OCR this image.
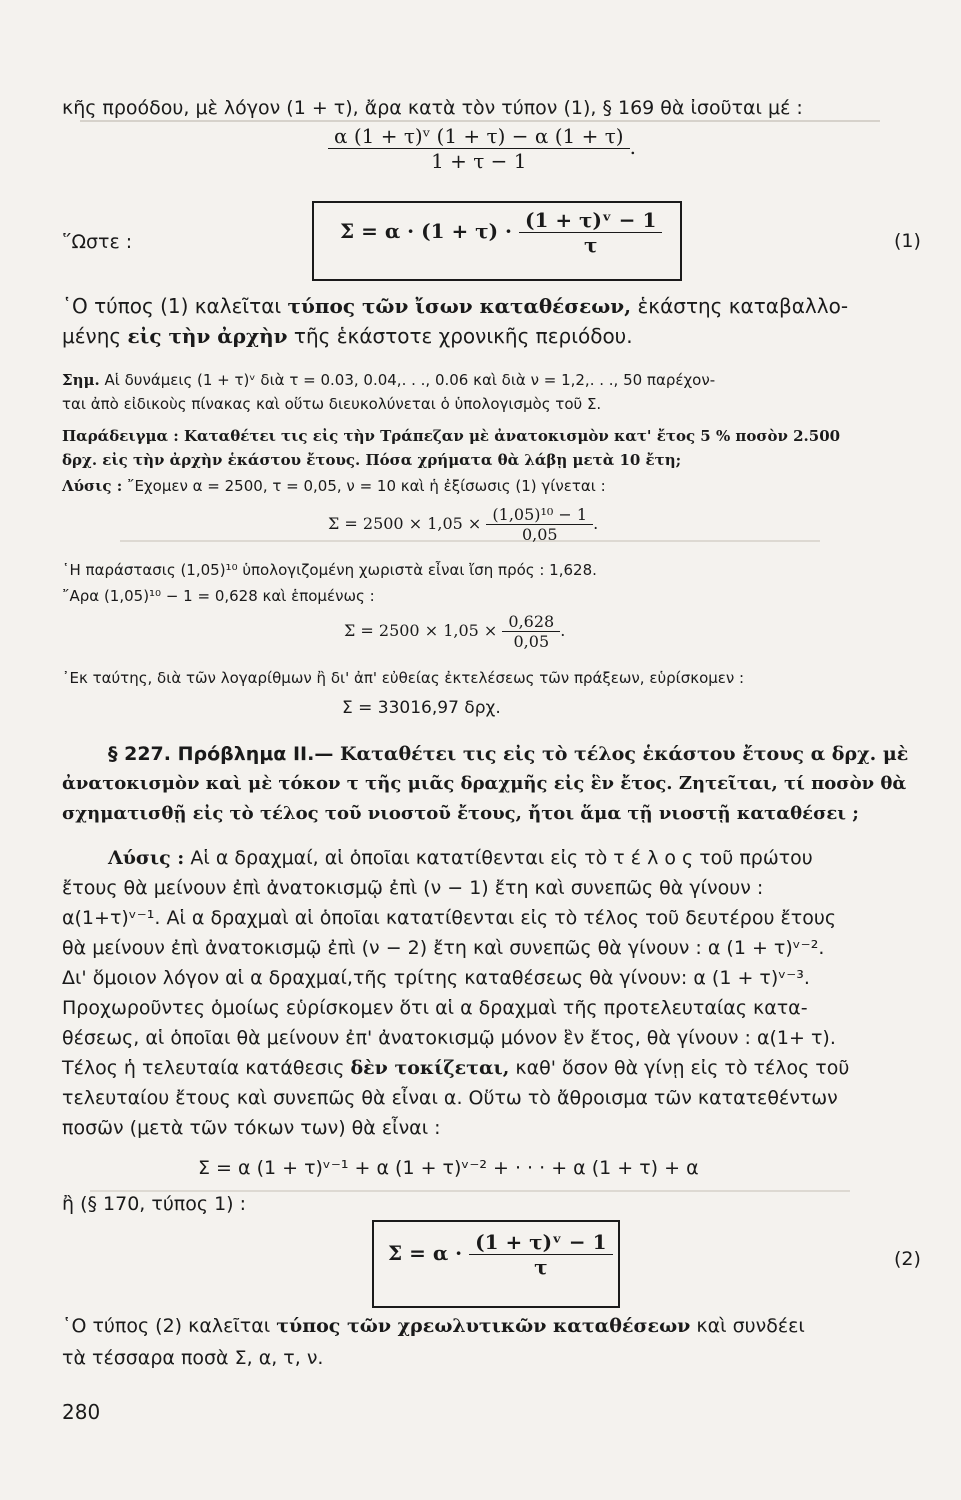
κῆς προόδου, μὲ λόγον (1 + τ), ἄρα κατὰ τὸν τύπον (1), § 169 θὰ ἰσοῦται μέ :
$\frac{\text{α (1 + τ)ᵛ (1 + τ) − α (1 + τ)}}{1 + \tau - 1}$ .
῞Ωστε :	$\Sigma = \alpha \cdot (1 + \tau) \cdot \frac{\text{(1 + τ)ᵛ − 1}}{\tau}$	(1)
῾Ο τύπος (1) καλεῖται τύπος τῶν ἴσων καταθέσεων, ἑκάστης καταβαλλο-
μένης εἰς τὴν ἀρχὴν τῆς ἑκάστοτε χρονικῆς περιόδου.
Σημ. Αἱ δυνάμεις (1 + τ)ᵛ διὰ τ = 0.03, 0.04,. . ., 0.06 καὶ διὰ ν = 1,2,. . ., 50 παρέχον-
ται ἀπὸ εἰδικοὺς πίνακας καὶ οὕτω διευκολύνεται ὁ ὑπολογισμὸς τοῦ Σ.
Παράδειγμα : Καταθέτει τις εἰς τὴν Τράπεζαν μὲ ἀνατοκισμὸν κατ' ἔτος 5 % ποσὸν 2.500
δρχ. εἰς τὴν ἀρχὴν ἑκάστου ἔτους. Πόσα χρήματα θὰ λάβῃ μετὰ 10 ἔτη;
Λύσις : ῎Εχομεν α = 2500, τ = 0,05, ν = 10 καὶ ἡ ἐξίσωσις (1) γίνεται :
$\Sigma = 2500 \times 1,05 \times \frac{\text{(1,05)¹⁰ − 1}}{0,05}$ .
῾Η παράστασις (1,05)¹⁰ ὑπολογιζομένη χωριστὰ εἶναι ἴση πρός : 1,628.
῎Αρα (1,05)¹⁰ − 1 = 0,628 καὶ ἑπομένως :
$\Sigma = 2500 \times 1,05 \times \frac{0,628}{0,05}$ .
᾿Εκ ταύτης, διὰ τῶν λογαρίθμων ἢ δι' ἀπ' εὐθείας ἐκτελέσεως τῶν πράξεων, εὑρίσκομεν :
Σ = 33016,97 δρχ.
§ 227. Πρόβλημα ΙΙ.— Καταθέτει τις εἰς τὸ τέλος ἑκάστου ἔτους α δρχ. μὲ
ἀνατοκισμὸν καὶ μὲ τόκον τ τῆς μιᾶς δραχμῆς εἰς ἓν ἔτος. Ζητεῖται, τί ποσὸν θὰ
σχηματισθῇ εἰς τὸ τέλος τοῦ νιοστοῦ ἔτους, ἤτοι ἅμα τῇ νιοστῇ καταθέσει ;
Λύσις : Αἱ α δραχμαί, αἱ ὁποῖαι κατατίθενται εἰς τὸ τ έ λ ο ς τοῦ πρώτου
ἔτους θὰ μείνουν ἐπὶ ἀνατοκισμῷ ἐπὶ (ν − 1) ἔτη καὶ συνεπῶς θὰ γίνουν :
α(1+τ)ᵛ⁻¹. Αἱ α δραχμαὶ αἱ ὁποῖαι κατατίθενται εἰς τὸ τέλος τοῦ δευτέρου ἔτους
θὰ μείνουν ἐπὶ ἀνατοκισμῷ ἐπὶ (ν − 2) ἔτη καὶ συνεπῶς θὰ γίνουν : α (1 + τ)ᵛ⁻².
Δι' ὅμοιον λόγον αἱ α δραχμαί,τῆς τρίτης καταθέσεως θὰ γίνουν: α (1 + τ)ᵛ⁻³.
Προχωροῦντες ὁμοίως εὑρίσκομεν ὅτι αἱ α δραχμαὶ τῆς προτελευταίας κατα-
θέσεως, αἱ ὁποῖαι θὰ μείνουν ἐπ' ἀνατοκισμῷ μόνον ἓν ἔτος, θὰ γίνουν : α(1+ τ).
Τέλος ἡ τελευταία κατάθεσις δὲν τοκίζεται, καθ' ὅσον θὰ γίνῃ εἰς τὸ τέλος τοῦ
τελευταίου ἔτους καὶ συνεπῶς θὰ εἶναι α. Οὕτω τὸ ἄθροισμα τῶν κατατεθέντων
ποσῶν (μετὰ τῶν τόκων των) θὰ εἶναι :
Σ = α (1 + τ)ᵛ⁻¹ + α (1 + τ)ᵛ⁻² + · · · + α (1 + τ) + α
ἢ (§ 170, τύπος 1) :
$\Sigma = \alpha \cdot \frac{\text{(1 + τ)ᵛ − 1}}{\tau}$	(2)
῾Ο τύπος (2) καλεῖται τύπος τῶν χρεωλυτικῶν καταθέσεων καὶ συνδέει
τὰ τέσσαρα ποσὰ Σ, α, τ, ν.
280
